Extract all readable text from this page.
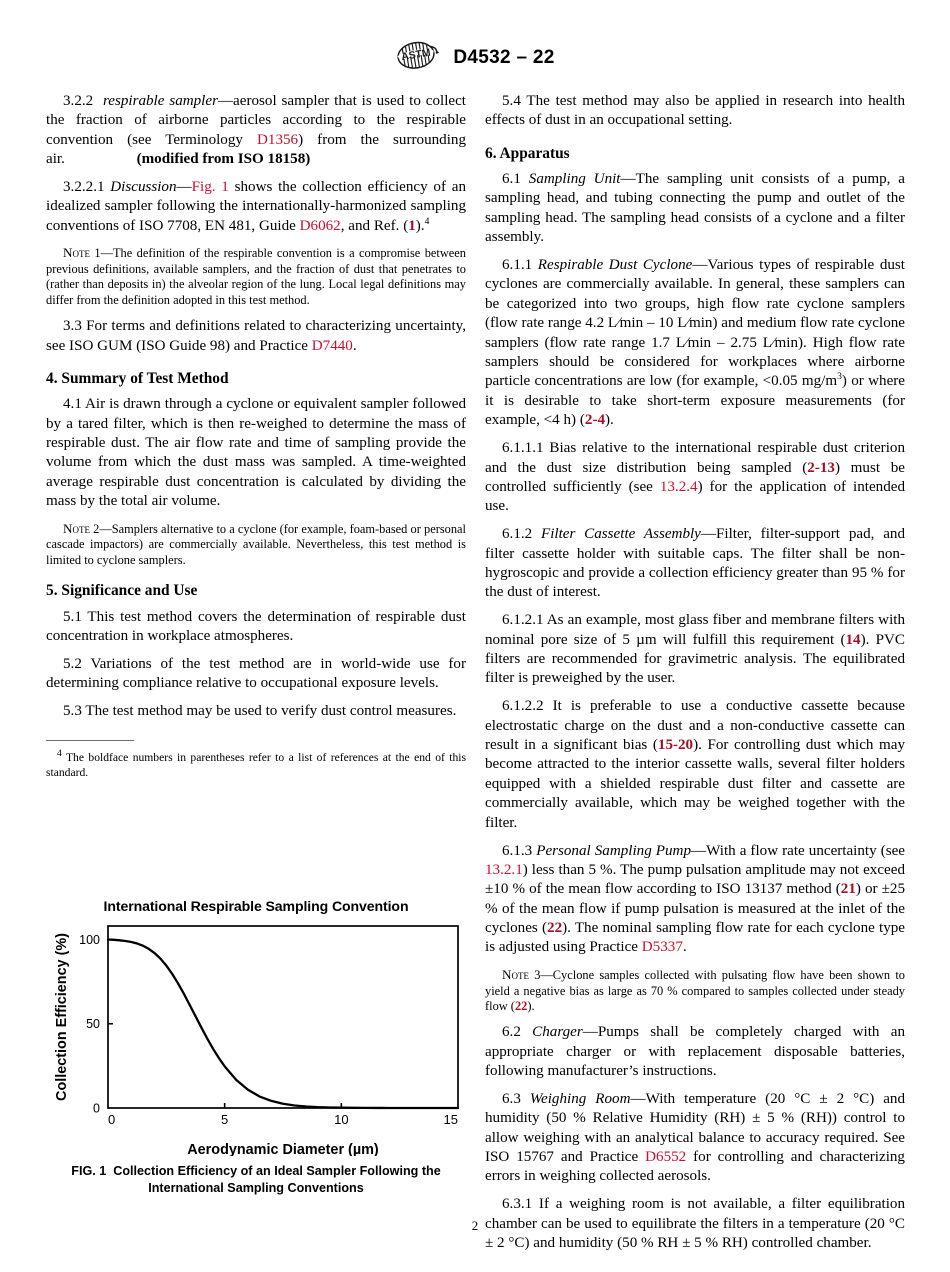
ASTM D4532 – 22

3.2.2 respirable sampler—aerosol sampler that is used to collect the fraction of airborne particles according to the respirable convention (see Terminology D1356) from the surrounding air.	(modified from ISO 18158)

3.2.2.1 Discussion—Fig. 1 shows the collection efficiency of an idealized sampler following the internationally-harmonized sampling conventions of ISO 7708, EN 481, Guide D6062, and Ref. (1).$^4$

Note 1—The definition of the respirable convention is a compromise between previous definitions, available samplers, and the fraction of dust that penetrates to (rather than deposits in) the alveolar region of the lung. Local legal definitions may differ from the definition adopted in this test method.

3.3 For terms and definitions related to characterizing uncertainty, see ISO GUM (ISO Guide 98) and Practice D7440.

4. Summary of Test Method

4.1 Air is drawn through a cyclone or equivalent sampler followed by a tared filter, which is then re-weighed to determine the mass of respirable dust. The air flow rate and time of sampling provide the volume from which the dust mass was sampled. A time-weighted average respirable dust concentration is calculated by dividing the mass by the total air volume.

Note 2—Samplers alternative to a cyclone (for example, foam-based or personal cascade impactors) are commercially available. Nevertheless, this test method is limited to cyclone samplers.

5. Significance and Use

5.1 This test method covers the determination of respirable dust concentration in workplace atmospheres.

5.2 Variations of the test method are in world-wide use for determining compliance relative to occupational exposure levels.

5.3 The test method may be used to verify dust control measures.

$^4$ The boldface numbers in parentheses refer to a list of references at the end of this standard.

5.4 The test method may also be applied in research into health effects of dust in an occupational setting.

6. Apparatus

6.1 Sampling Unit—The sampling unit consists of a pump, a sampling head, and tubing connecting the pump and outlet of the sampling head. The sampling head consists of a cyclone and a filter assembly.

6.1.1 Respirable Dust Cyclone—Various types of respirable dust cyclones are commercially available. In general, these samplers can be categorized into two groups, high flow rate cyclone samplers (flow rate range 4.2 L⁄min – 10 L⁄min) and medium flow rate cyclone samplers (flow rate range 1.7 L⁄min – 2.75 L⁄min). High flow rate samplers should be considered for workplaces where airborne particle concentrations are low (for example, <0.05 $mg/m^3$) or where it is desirable to take short-term exposure measurements (for example, <4 h) (2-4).

6.1.1.1 Bias relative to the international respirable dust criterion and the dust size distribution being sampled (2-13) must be controlled sufficiently (see 13.2.4) for the application of intended use.

6.1.2 Filter Cassette Assembly—Filter, filter-support pad, and filter cassette holder with suitable caps. The filter shall be non-hygroscopic and provide a collection efficiency greater than 95 % for the dust of interest.

6.1.2.1 As an example, most glass fiber and membrane filters with nominal pore size of 5 µm will fulfill this requirement (14). PVC filters are recommended for gravimetric analysis. The equilibrated filter is preweighed by the user.

6.1.2.2 It is preferable to use a conductive cassette because electrostatic charge on the dust and a non-conductive cassette can result in a significant bias (15-20). For controlling dust which may become attracted to the interior cassette walls, several filter holders equipped with a shielded respirable dust filter and cassette are commercially available, which may be weighed together with the filter.

6.1.3 Personal Sampling Pump—With a flow rate uncertainty (see 13.2.1) less than 5 %. The pump pulsation amplitude may not exceed ±10 % of the mean flow according to ISO 13137 method (21) or ±25 % of the mean flow if pump pulsation is measured at the inlet of the cyclones (22). The nominal sampling flow rate for each cyclone type is adjusted using Practice D5337.

Note 3—Cyclone samples collected with pulsating flow have been shown to yield a negative bias as large as 70 % compared to samples collected under steady flow (22).

6.2 Charger—Pumps shall be completely charged with an appropriate charger or with replacement disposable batteries, following manufacturer’s instructions.

6.3 Weighing Room—With temperature (20 °C ± 2 °C) and humidity (50 % Relative Humidity (RH) ± 5 % (RH)) control to allow weighing with an analytical balance to accuracy required. See ISO 15767 and Practice D6552 for controlling and characterizing errors in weighing collected aerosols.

6.3.1 If a weighing room is not available, a filter equilibration chamber can be used to equilibrate the filters in a temperature (20 °C ± 2 °C) and humidity (50 % RH ± 5 % RH) controlled chamber.

International Respirable Sampling Convention
0
50
100
0	5	10	15
Aerodynamic Diameter (µm)
Collection Efficiency (%)
FIG. 1 Collection Efficiency of an Ideal Sampler Following the International Sampling Conventions
2
